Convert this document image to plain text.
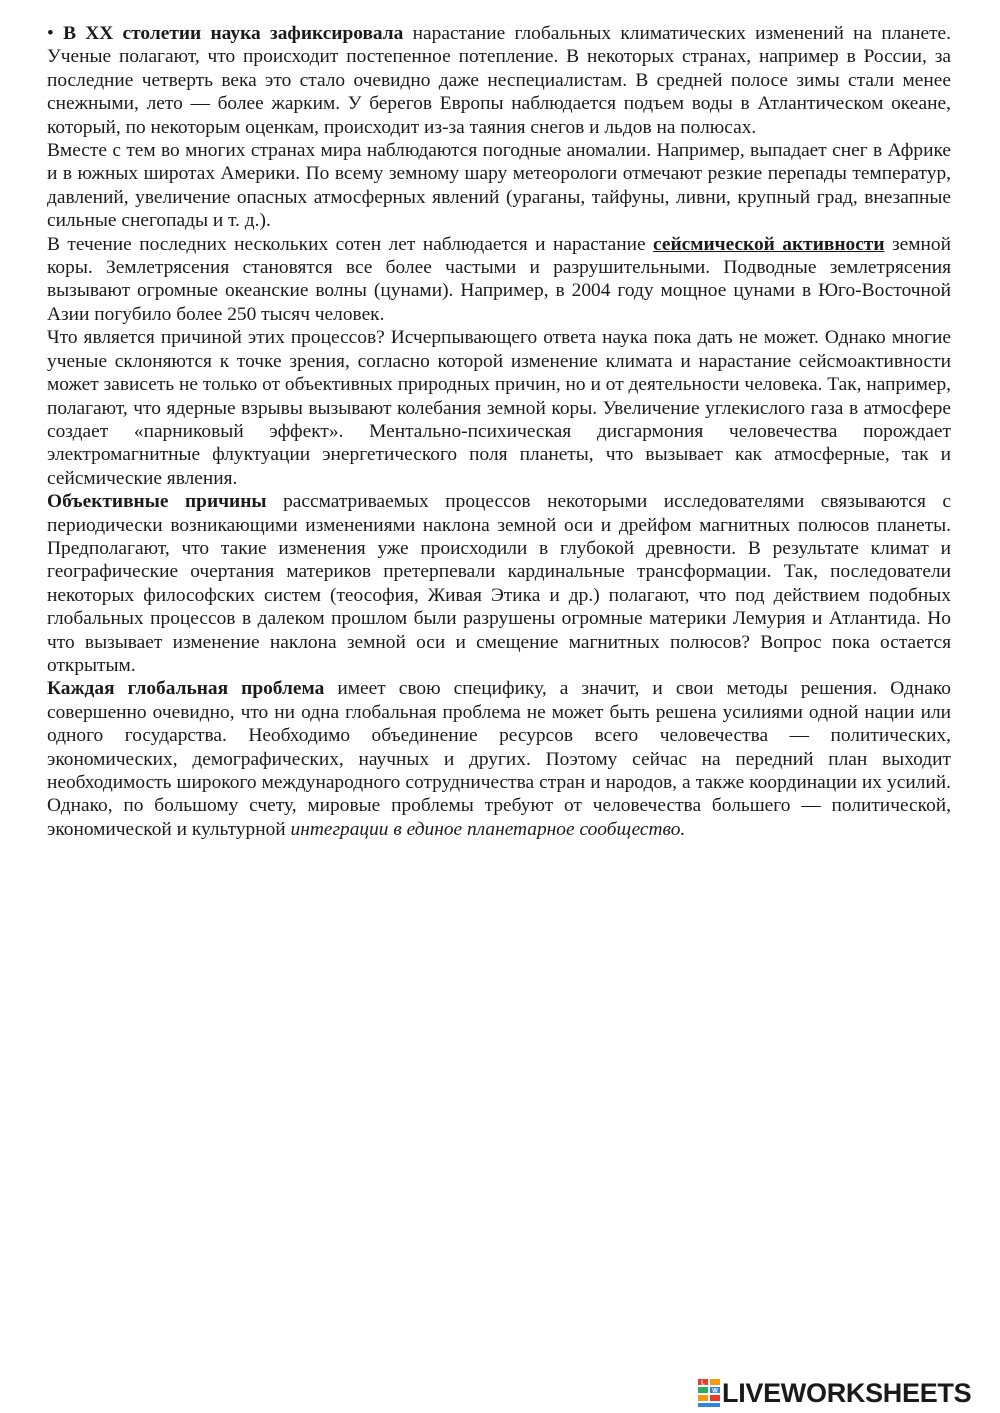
• В XX столетии наука зафиксировала нарастание глобальных климатических изменений на планете. Ученые полагают, что происходит постепенное потепление. В некоторых странах, например в России, за последние четверть века это стало очевидно даже неспециалистам. В средней полосе зимы стали менее снежными, лето — более жарким. У берегов Европы наблюдается подъем воды в Атлантическом океане, который, по некоторым оценкам, происходит из-за таяния снегов и льдов на полюсах.

Вместе с тем во многих странах мира наблюдаются погодные аномалии. Например, выпадает снег в Африке и в южных широтах Америки. По всему земному шару метеорологи отмечают резкие перепады температур, давлений, увеличение опасных атмосферных явлений (ураганы, тайфуны, ливни, крупный град, внезапные сильные снегопады и т. д.).

В течение последних нескольких сотен лет наблюдается и нарастание сейсмической активности земной коры. Землетрясения становятся все более частыми и разрушительными. Подводные землетрясения вызывают огромные океанские волны (цунами). Например, в 2004 году мощное цунами в Юго-Восточной Азии погубило более 250 тысяч человек.

Что является причиной этих процессов? Исчерпывающего ответа наука пока дать не может. Однако многие ученые склоняются к точке зрения, согласно которой изменение климата и нарастание сейсмоактивности может зависеть не только от объективных природных причин, но и от деятельности человека. Так, например, полагают, что ядерные взрывы вызывают колебания земной коры. Увеличение углекислого газа в атмосфере создает «парниковый эффект». Ментально-психическая дисгармония человечества порождает электромагнитные флуктуации энергетического поля планеты, что вызывает как атмосферные, так и сейсмические явления.

Объективные причины рассматриваемых процессов некоторыми исследователями связываются с периодически возникающими изменениями наклона земной оси и дрейфом магнитных полюсов планеты. Предполагают, что такие изменения уже происходили в глубокой древности. В результате климат и географические очертания материков претерпевали кардинальные трансформации. Так, последователи некоторых философских систем (теософия, Живая Этика и др.) полагают, что под действием подобных глобальных процессов в далеком прошлом были разрушены огромные материки Лемурия и Атлантида. Но что вызывает изменение наклона земной оси и смещение магнитных полюсов? Вопрос пока остается открытым.

Каждая глобальная проблема имеет свою специфику, а значит, и свои методы решения. Однако совершенно очевидно, что ни одна глобальная проблема не может быть решена усилиями одной нации или одного государства. Необходимо объединение ресурсов всего человечества — политических, экономических, демографических, научных и других. Поэтому сейчас на передний план выходит необходимость широкого международного сотрудничества стран и народов, а также координации их усилий. Однако, по большому счету, мировые проблемы требуют от человечества большего — политической, экономической и культурной интеграции в единое планетарное сообщество.

L
W LIVEWORKSHEETS
